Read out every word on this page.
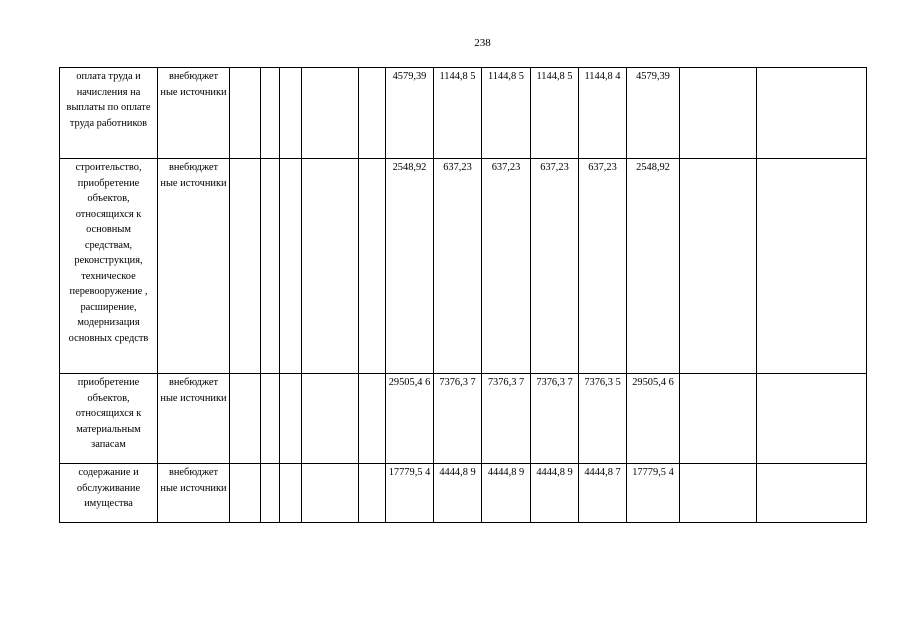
238
оплата труда и начисления на выплаты по оплате труда работников	внебюджет ные источники						4579,39	1144,8 5	1144,8 5	1144,8 5	1144,8 4	4579,39		
строительство, приобретение объектов, относящихся к основным средствам, реконструкция, техническое перевооружение , расширение, модернизация основных средств	внебюджет ные источники						2548,92	637,23	637,23	637,23	637,23	2548,92		
приобретение объектов, относящихся к материальным запасам	внебюджет ные источники						29505,4 6	7376,3 7	7376,3 7	7376,3 7	7376,3 5	29505,4 6		
содержание и обслуживание имущества	внебюджет ные источники						17779,5 4	4444,8 9	4444,8 9	4444,8 9	4444,8 7	17779,5 4		
